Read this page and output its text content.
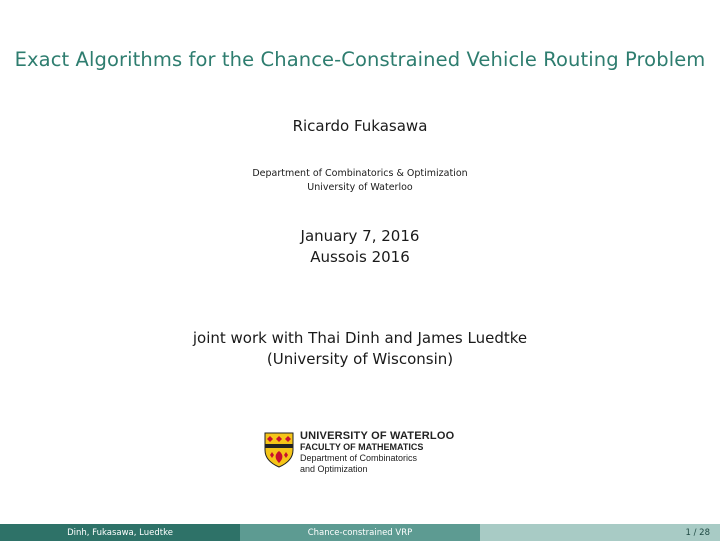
Exact Algorithms for the Chance-Constrained Vehicle Routing Problem
Ricardo Fukasawa
Department of Combinatorics & Optimization
University of Waterloo
January 7, 2016
Aussois 2016
joint work with Thai Dinh and James Luedtke
(University of Wisconsin)
UNIVERSITY OF WATERLOO
FACULTY OF MATHEMATICS
Department of Combinatorics
and Optimization
Dinh, Fukasawa, Luedtke	Chance-constrained VRP	1 / 28
